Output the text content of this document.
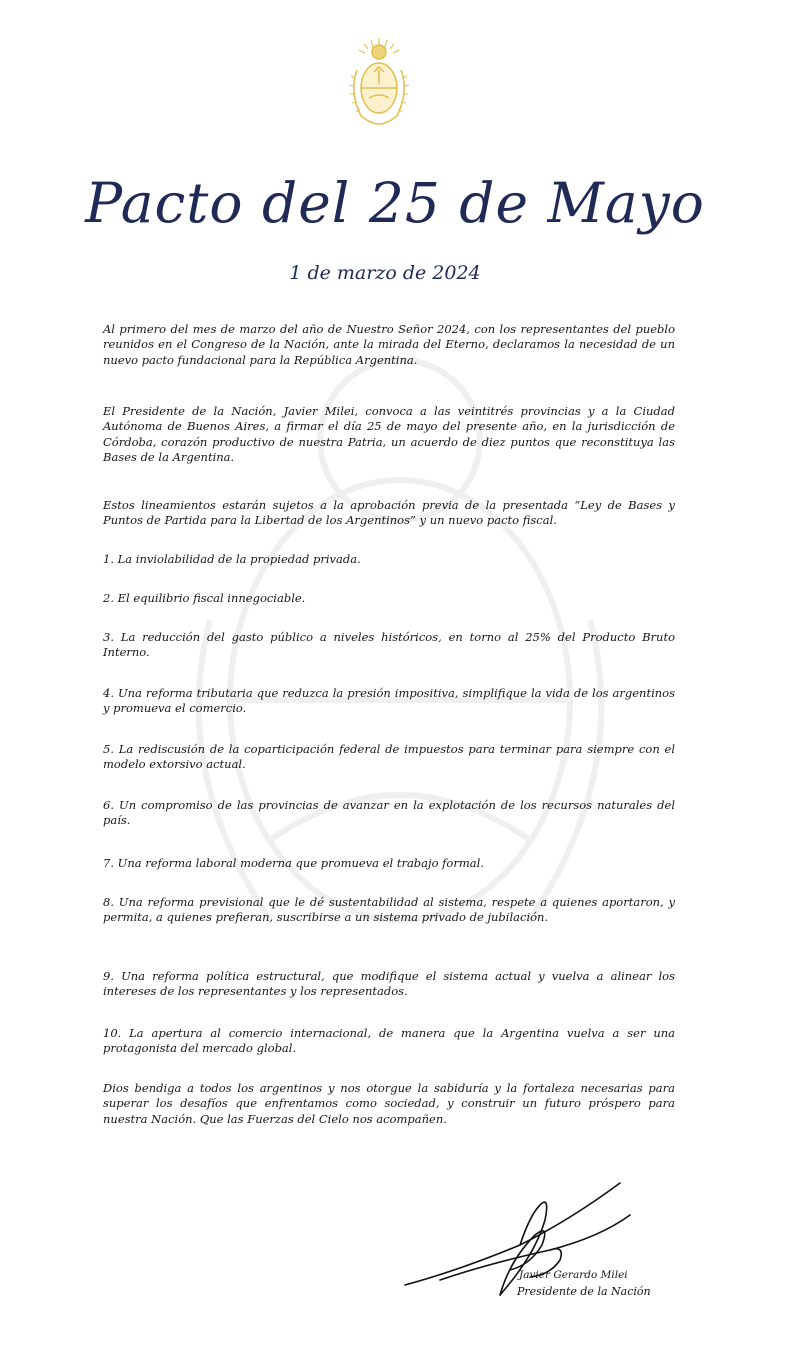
Pacto del 25 de Mayo
1 de marzo de 2024

Al primero del mes de marzo del año de Nuestro Señor 2024, con los representantes del pueblo reunidos en el Congreso de la Nación, ante la mirada del Eterno, declaramos la necesidad de un nuevo pacto fundacional para la República Argentina.

El Presidente de la Nación, Javier Milei, convoca a las veintitrés provincias y a la Ciudad Autónoma de Buenos Aires, a firmar el día 25 de mayo del presente año, en la jurisdicción de Córdoba, corazón productivo de nuestra Patria, un acuerdo de diez puntos que reconstituya las Bases de la Argentina.

Estos lineamientos estarán sujetos a la aprobación previa de la presentada “Ley de Bases y Puntos de Partida para la Libertad de los Argentinos” y un nuevo pacto fiscal.

1. La inviolabilidad de la propiedad privada.

2. El equilibrio fiscal innegociable.

3. La reducción del gasto público a niveles históricos, en torno al 25% del Producto Bruto Interno.

4. Una reforma tributaria que reduzca la presión impositiva, simplifique la vida de los argentinos y promueva el comercio.

5. La rediscusión de la coparticipación federal de impuestos para terminar para siempre con el modelo extorsivo actual.

6. Un compromiso de las provincias de avanzar en la explotación de los recursos naturales del país.

7. Una reforma laboral moderna que promueva el trabajo formal.

8. Una reforma previsional que le dé sustentabilidad al sistema, respete a quienes aportaron, y permita, a quienes prefieran, suscribirse a un sistema privado de jubilación.

9. Una reforma política estructural, que modifique el sistema actual y vuelva a alinear los intereses de los representantes y los representados.

10. La apertura al comercio internacional, de manera que la Argentina vuelva a ser una protagonista del mercado global.

Dios bendiga a todos los argentinos y nos otorgue la sabiduría y la fortaleza necesarias para superar los desafíos que enfrentamos como sociedad, y construir un futuro próspero para nuestra Nación. Que las Fuerzas del Cielo nos acompañen.

Javier Gerardo Milei
Presidente de la Nación
